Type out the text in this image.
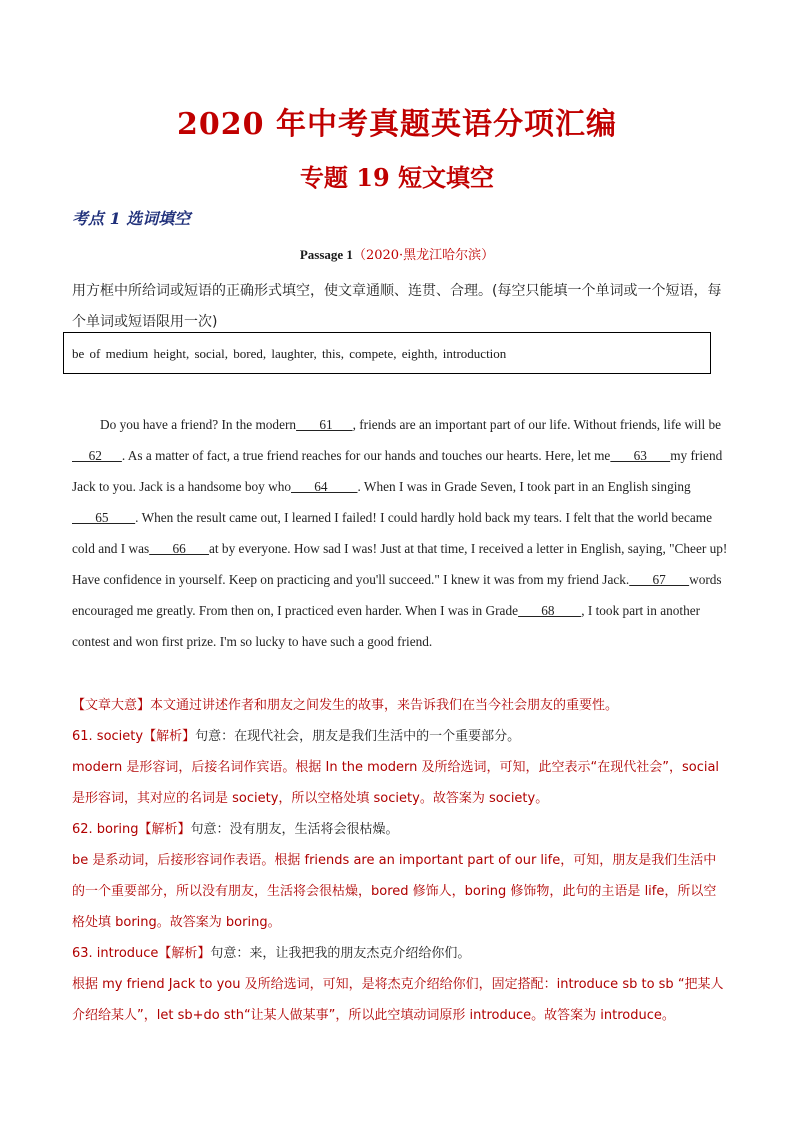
2020 年中考真题英语分项汇编
专题 19 短文填空
考点 1 选词填空
Passage 1（2020·黑龙江哈尔滨）
用方框中所给词或短语的正确形式填空，使文章通顺、连贯、合理。(每空只能填一个单词或一个短语，每个单词或短语限用一次)
be of medium height, social, bored, laughter, this, compete, eighth, introduction
Do you have a friend? In the modern       61      , friends are an important part of our life. Without friends, life will be     62      . As a matter of fact, a true friend reaches for our hands and touches our hearts. Here, let me       63       my friend Jack to you. Jack is a handsome boy who       64         . When I was in Grade Seven, I took part in an English singing       65        . When the result came out, I learned I failed! I could hardly hold back my tears. I felt that the world became cold and I was       66       at by everyone. How sad I was! Just at that time, I received a letter in English, saying, "Cheer up! Have confidence in yourself. Keep on practicing and you'll succeed." I knew it was from my friend Jack.       67       words encouraged me greatly. From then on, I practiced even harder. When I was in Grade       68        , I took part in another contest and won first prize. I'm so lucky to have such a good friend.

【文章大意】本文通过讲述作者和朋友之间发生的故事，来告诉我们在当今社会朋友的重要性。

61. society【解析】句意：在现代社会，朋友是我们生活中的一个重要部分。

modern 是形容词，后接名词作宾语。根据 In the modern 及所给选词，可知，此空表示“在现代社会”，social 是形容词，其对应的名词是 society，所以空格处填 society。故答案为 society。

62. boring【解析】句意：没有朋友，生活将会很枯燥。

be 是系动词，后接形容词作表语。根据 friends are an important part of our life，可知，朋友是我们生活中的一个重要部分，所以没有朋友，生活将会很枯燥，bored 修饰人，boring 修饰物，此句的主语是 life，所以空格处填 boring。故答案为 boring。

63. introduce【解析】句意：来，让我把我的朋友杰克介绍给你们。

根据 my friend Jack to you 及所给选词，可知，是将杰克介绍给你们，固定搭配：introduce sb to sb “把某人介绍给某人”，let sb+do sth“让某人做某事”，所以此空填动词原形 introduce。故答案为 introduce。
